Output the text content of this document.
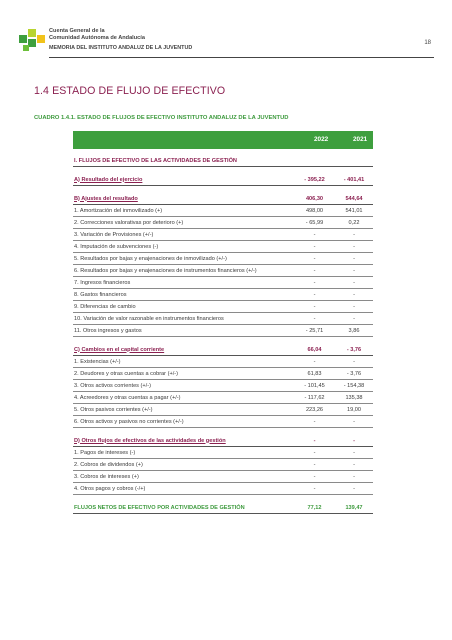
Cuenta General de la
Comunidad Autónoma de Andalucía
MEMORIA DEL INSTITUTO ANDALUZ DE LA JUVENTUD
18
1.4 ESTADO DE FLUJO DE EFECTIVO
CUADRO 1.4.1. ESTADO DE FLUJOS DE EFECTIVO INSTITUTO ANDALUZ DE LA JUVENTUD
2022	2021
I. FLUJOS DE EFECTIVO DE LAS ACTIVIDADES DE GESTIÓN		

A) Resultado del ejercicio	- 395,22	- 401,41

B) Ajustes del resultado	406,30	544,64
1. Amortización del inmovilizado (+)	498,00	541,01
2. Correcciones valorativas por deterioro (+)	- 65,99	0,22
3. Variación de Provisiones (+/-)	-	-
4. Imputación de subvenciones (-)	-	-
5. Resultados por bajas y enajenaciones de inmovilizado (+/-)	-	-
6. Resultados por bajas y enajenaciones de instrumentos financieros (+/-)	-	-
7. Ingresos financieros	-	-
8. Gastos financieros	-	-
9. Diferencias de cambio	-	-
10. Variación de valor razonable en instrumentos financieros	-	-
11. Otros ingresos y gastos	- 25,71	3,86

C) Cambios en el capital corriente	66,04	- 3,76
1. Existencias (+/-)	-	-
2. Deudores y otras cuentas a cobrar (+/-)	61,83	- 3,76
3. Otros activos corrientes (+/-)	- 101,45	- 154,38
4. Acreedores y otras cuentas a pagar (+/-)	- 117,62	135,38
5. Otros pasivos corrientes (+/-)	223,26	19,00
6. Otros activos y pasivos no corrientes (+/-)	-	-

D) Otros flujos de efectivos de las actividades de gestión	-	-
1. Pagos de intereses (-)	-	-
2. Cobros de dividendos (+)	-	-
3. Cobros de intereses (+)	-	-
4. Otros pagos y cobros (-/+)	-	-

FLUJOS NETOS DE EFECTIVO POR ACTIVIDADES DE GESTIÓN	77,12	139,47
